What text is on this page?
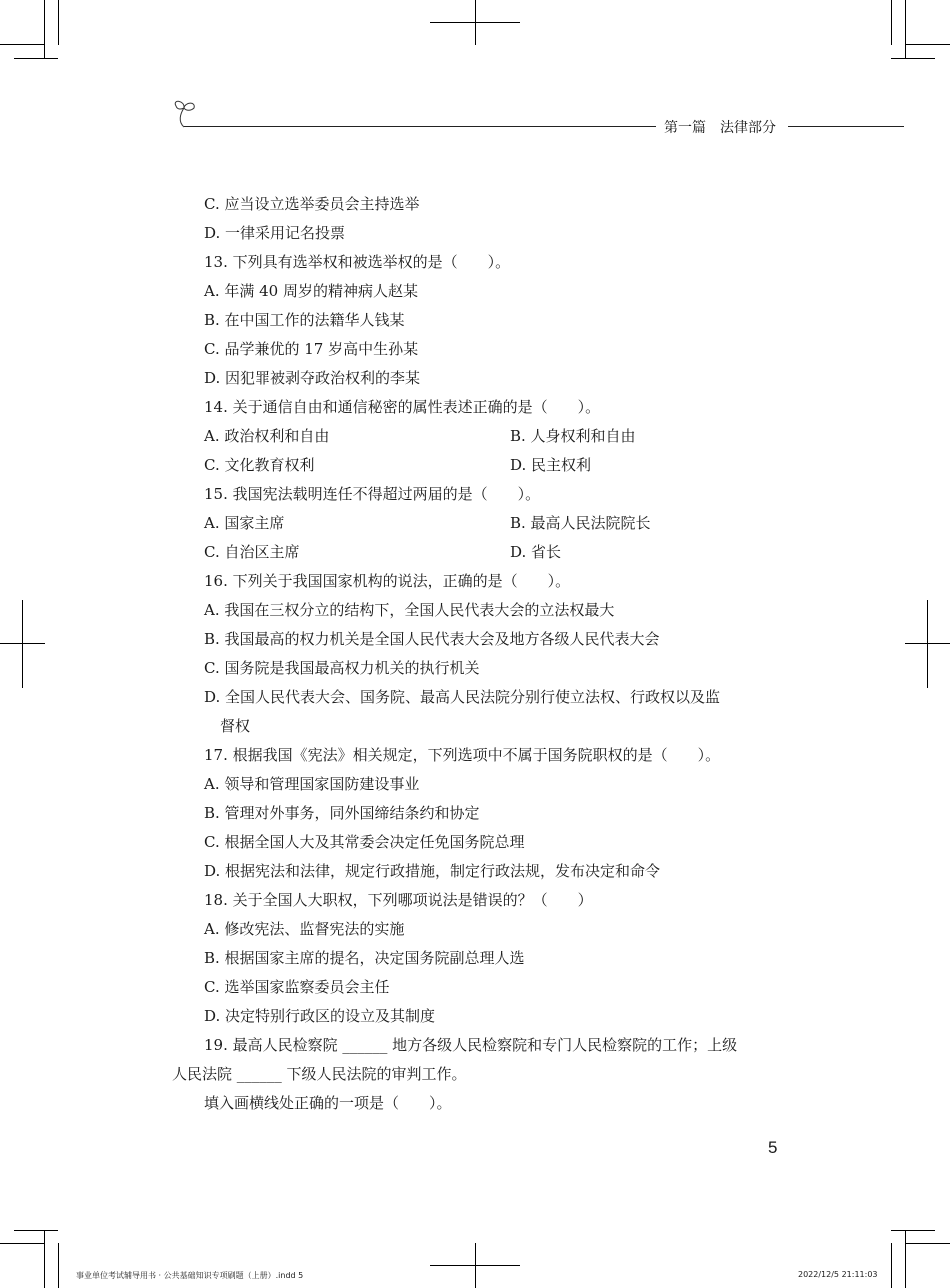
第一篇　法律部分
C. 应当设立选举委员会主持选举
D. 一律采用记名投票
13. 下列具有选举权和被选举权的是（　　）。
A. 年满 40 周岁的精神病人赵某
B. 在中国工作的法籍华人钱某
C. 品学兼优的 17 岁高中生孙某
D. 因犯罪被剥夺政治权利的李某
14. 关于通信自由和通信秘密的属性表述正确的是（　　）。
A. 政治权利和自由	B. 人身权利和自由
C. 文化教育权利	D. 民主权利
15. 我国宪法载明连任不得超过两届的是（　　）。
A. 国家主席	B. 最高人民法院院长
C. 自治区主席	D. 省长
16. 下列关于我国国家机构的说法，正确的是（　　）。
A. 我国在三权分立的结构下，全国人民代表大会的立法权最大
B. 我国最高的权力机关是全国人民代表大会及地方各级人民代表大会
C. 国务院是我国最高权力机关的执行机关
D. 全国人民代表大会、国务院、最高人民法院分别行使立法权、行政权以及监
督权
17. 根据我国《宪法》相关规定，下列选项中不属于国务院职权的是（　　）。
A. 领导和管理国家国防建设事业
B. 管理对外事务，同外国缔结条约和协定
C. 根据全国人大及其常委会决定任免国务院总理
D. 根据宪法和法律，规定行政措施，制定行政法规，发布决定和命令
18. 关于全国人大职权，下列哪项说法是错误的？（　　）
A. 修改宪法、监督宪法的实施
B. 根据国家主席的提名，决定国务院副总理人选
C. 选举国家监察委员会主任
D. 决定特别行政区的设立及其制度
19. 最高人民检察院 ______ 地方各级人民检察院和专门人民检察院的工作；上级
人民法院 ______ 下级人民法院的审判工作。
填入画横线处正确的一项是（　　）。
5
事业单位考试辅导用书 · 公共基础知识专项刷题（上册）.indd 5	2022/12/5 21:11:03
